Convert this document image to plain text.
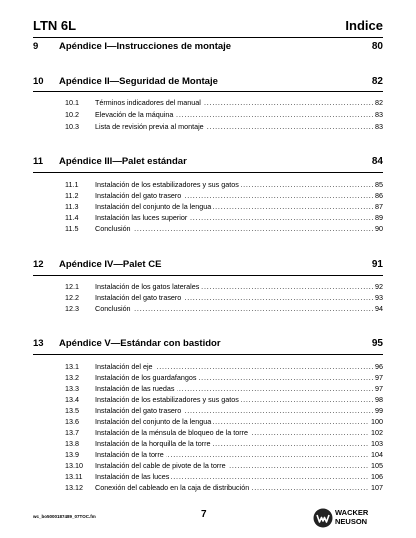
LTN 6L	Indice
9 Apéndice I—Instrucciones de montaje	80
10 Apéndice II—Seguridad de Montaje	82
10.1 . . . Términos indicadores del manual	82
10.2 . . . Elevación de la máquina	83
10.3 . . . Lista de revisión previa al montaje	83
11 Apéndice III—Palet estándar	84
11.1 . . . Instalación de los estabilizadores y sus gatos	85
11.2 . . . Instalación del gato trasero	86
11.3 . . . Instalación del conjunto de la lengua	87
11.4 . . . Instalación las luces superior	89
11.5 . . . Conclusión	90
12 Apéndice IV—Palet CE	91
12.1 . . . Instalación de los gatos laterales	92
12.2 . . . Instalación del gato trasero	93
12.3 . . . Conclusión	94
13 Apéndice V—Estándar con bastidor	95
13.1 . . . Instalación del eje	96
13.2 . . . Instalación de los guardafangos	97
13.3 . . . Instalación de las ruedas	97
13.4 . . . Instalación de los estabilizadores y sus gatos	98
13.5 . . . Instalación del gato trasero	99
13.6 . . . Instalación del conjunto de la lengua	100
13.7 . . . Instalación de la ménsula de bloqueo de la torre	102
13.8 . . . Instalación de la horquilla de la torre	103
13.9 . . . Instalación de la torre	104
13.10 . . . Instalación del cable de pivote de la torre	105
13.11 . . . Instalación de las luces	106
13.12 . . . Conexión del cableado en la caja de distribución	107
wc_bo5000187489_07TOC.fm	7	WACKER
NEUSON
